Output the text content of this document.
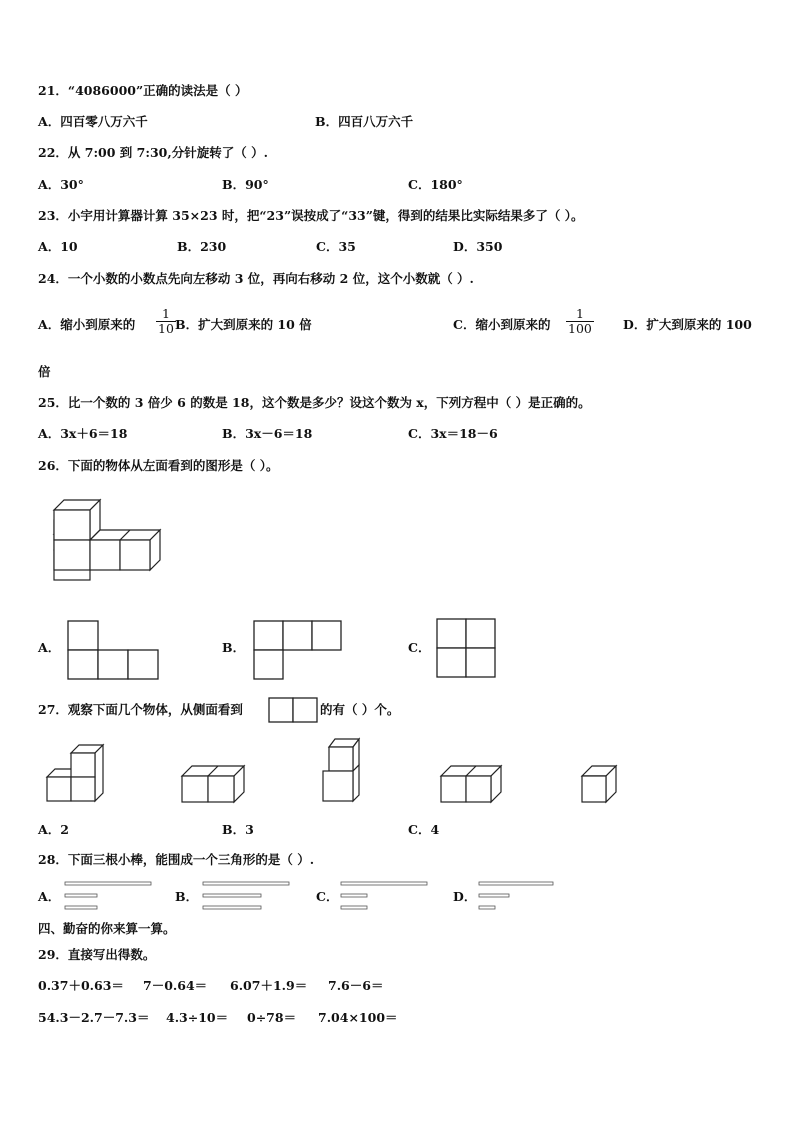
21．“4086000”正确的读法是（ ）
A．四百零八万六千	B．四百八万六千
22．从 7:00 到 7:30,分针旋转了（ ）.
A．30°	B．90°	C．180°
23．小宇用计算器计算 35×23 时，把“23”误按成了“33”键，得到的结果比实际结果多了（ ）。
A．10	B．230	C．35	D．350
24．一个小数的小数点先向左移动 3 位，再向右移动 2 位，这个小数就（ ）.
A．缩小到原来的
1
10 B．扩大到原来的 10 倍	C．缩小到原来的
1
100 D．扩大到原来的 100
倍
25．比一个数的 3 倍少 6 的数是 18，这个数是多少？设这个数为 x，下列方程中（ ）是正确的。
A．3x＋6＝18	B．3x－6＝18	C．3x＝18－6
26．下面的物体从左面看到的图形是（ ）。
A．	B．	C．
27．观察下面几个物体，从侧面看到	的有（ ）个。
A．2	B．3	C．4
28．下面三根小棒，能围成一个三角形的是（ ）.
A．	B．	C．	D．
四、勤奋的你来算一算。
29．直接写出得数。
0.37＋0.63＝ 7－0.64＝ 6.07＋1.9＝ 7.6－6＝
54.3－2.7－7.3＝ 4.3÷10＝ 0÷78＝ 7.04×100＝
